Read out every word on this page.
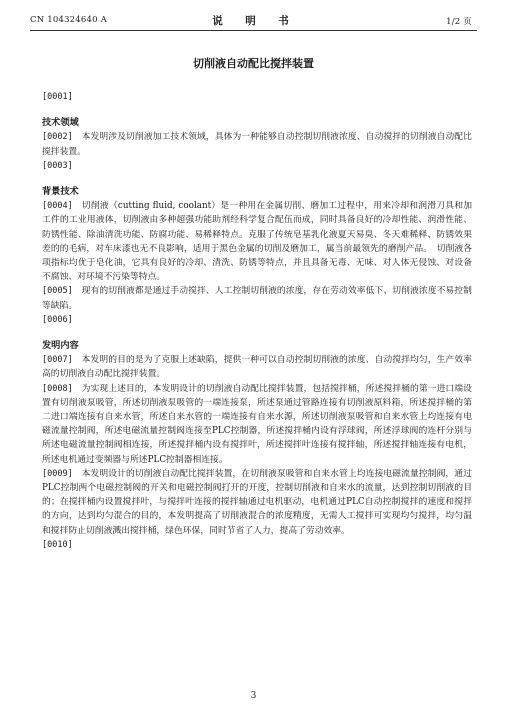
CN 104324640 A	说　明　书	1/2 页
切削液自动配比搅拌装置

[0001]

技术领域

[0002]　 本发明涉及切削液加工技术领域，具体为一种能够自动控制切削液浓度、自动搅拌的切削液自动配比搅拌装置。

[0003]

背景技术

[0004]　 切削液（cutting fluid, coolant）是一种用在金属切削、磨加工过程中，用来冷却和润滑刀具和加工件的工业用液体，切削液由多种超强功能助剂经科学复合配伍而成，同时具备良好的冷却性能、润滑性能、防锈性能、除油清洗功能、防腐功能、易稀释特点。克服了传统皂基乳化液夏天易臭、冬天难稀释、防锈效果差的的毛病，对车床漆也无不良影响，适用于黑色金属的切削及磨加工，属当前最领先的磨削产品。　切削液各项指标均优于皂化油，它具有良好的冷却、清洗、防锈等特点，并且具备无毒、无味、对人体无侵蚀、对设备不腐蚀、对环境不污染等特点。

[0005]　 现有的切削液都是通过手动搅拌、人工控制切削液的浓度，存在劳动效率低下、切削液浓度不易控制等缺陷。

[0006]

发明内容

[0007]　 本发明的目的是为了克服上述缺陷，提供一种可以自动控制切削液的浓度、自动搅拌均匀，生产效率高的切削液自动配比搅拌装置。

[0008]　 为实现上述目的，本发明设计的切削液自动配比搅拌装置，包括搅拌桶，所述搅拌桶的第一进口端设置有切削液泵吸管，所述切削液泵吸管的一端连接泵，所述泵通过管路连接有切削液原料箱，所述搅拌桶的第二进口端连接有自来水管，所述自来水管的一端连接有自来水源，所述切削液泵吸管和自来水管上均连接有电磁流量控制阀，所述电磁流量控制阀连接至PLC控制器，所述搅拌桶内设有浮球阀，所述浮球阀的连杆分别与所述电磁流量控制阀相连接，所述搅拌桶内设有搅拌叶，所述搅拌叶连接有搅拌轴，所述搅拌轴连接有电机，所述电机通过变频器与所述PLC控制器相连接。

[0009]　 本发明设计的切削液自动配比搅拌装置，在切削液泵吸管和自来水管上均连接电磁流量控制阀，通过PLC控制两个电磁控制阀的开关和电磁控制阀打开的开度，控制切削液和自来水的流量，达到控制切削液的目的；在搅拌桶内设置搅拌叶，与搅拌叶连接的搅拌轴通过电机驱动，电机通过PLC自动控制搅拌的速度和搅拌的方向，达到均匀混合的目的，本发明提高了切削液混合的浓度精度，无需人工搅拌可实现均匀搅拌，均匀温和搅拌防止切削液溅出搅拌桶，绿色环保，同时节省了人力，提高了劳动效率。

[0010]

3
